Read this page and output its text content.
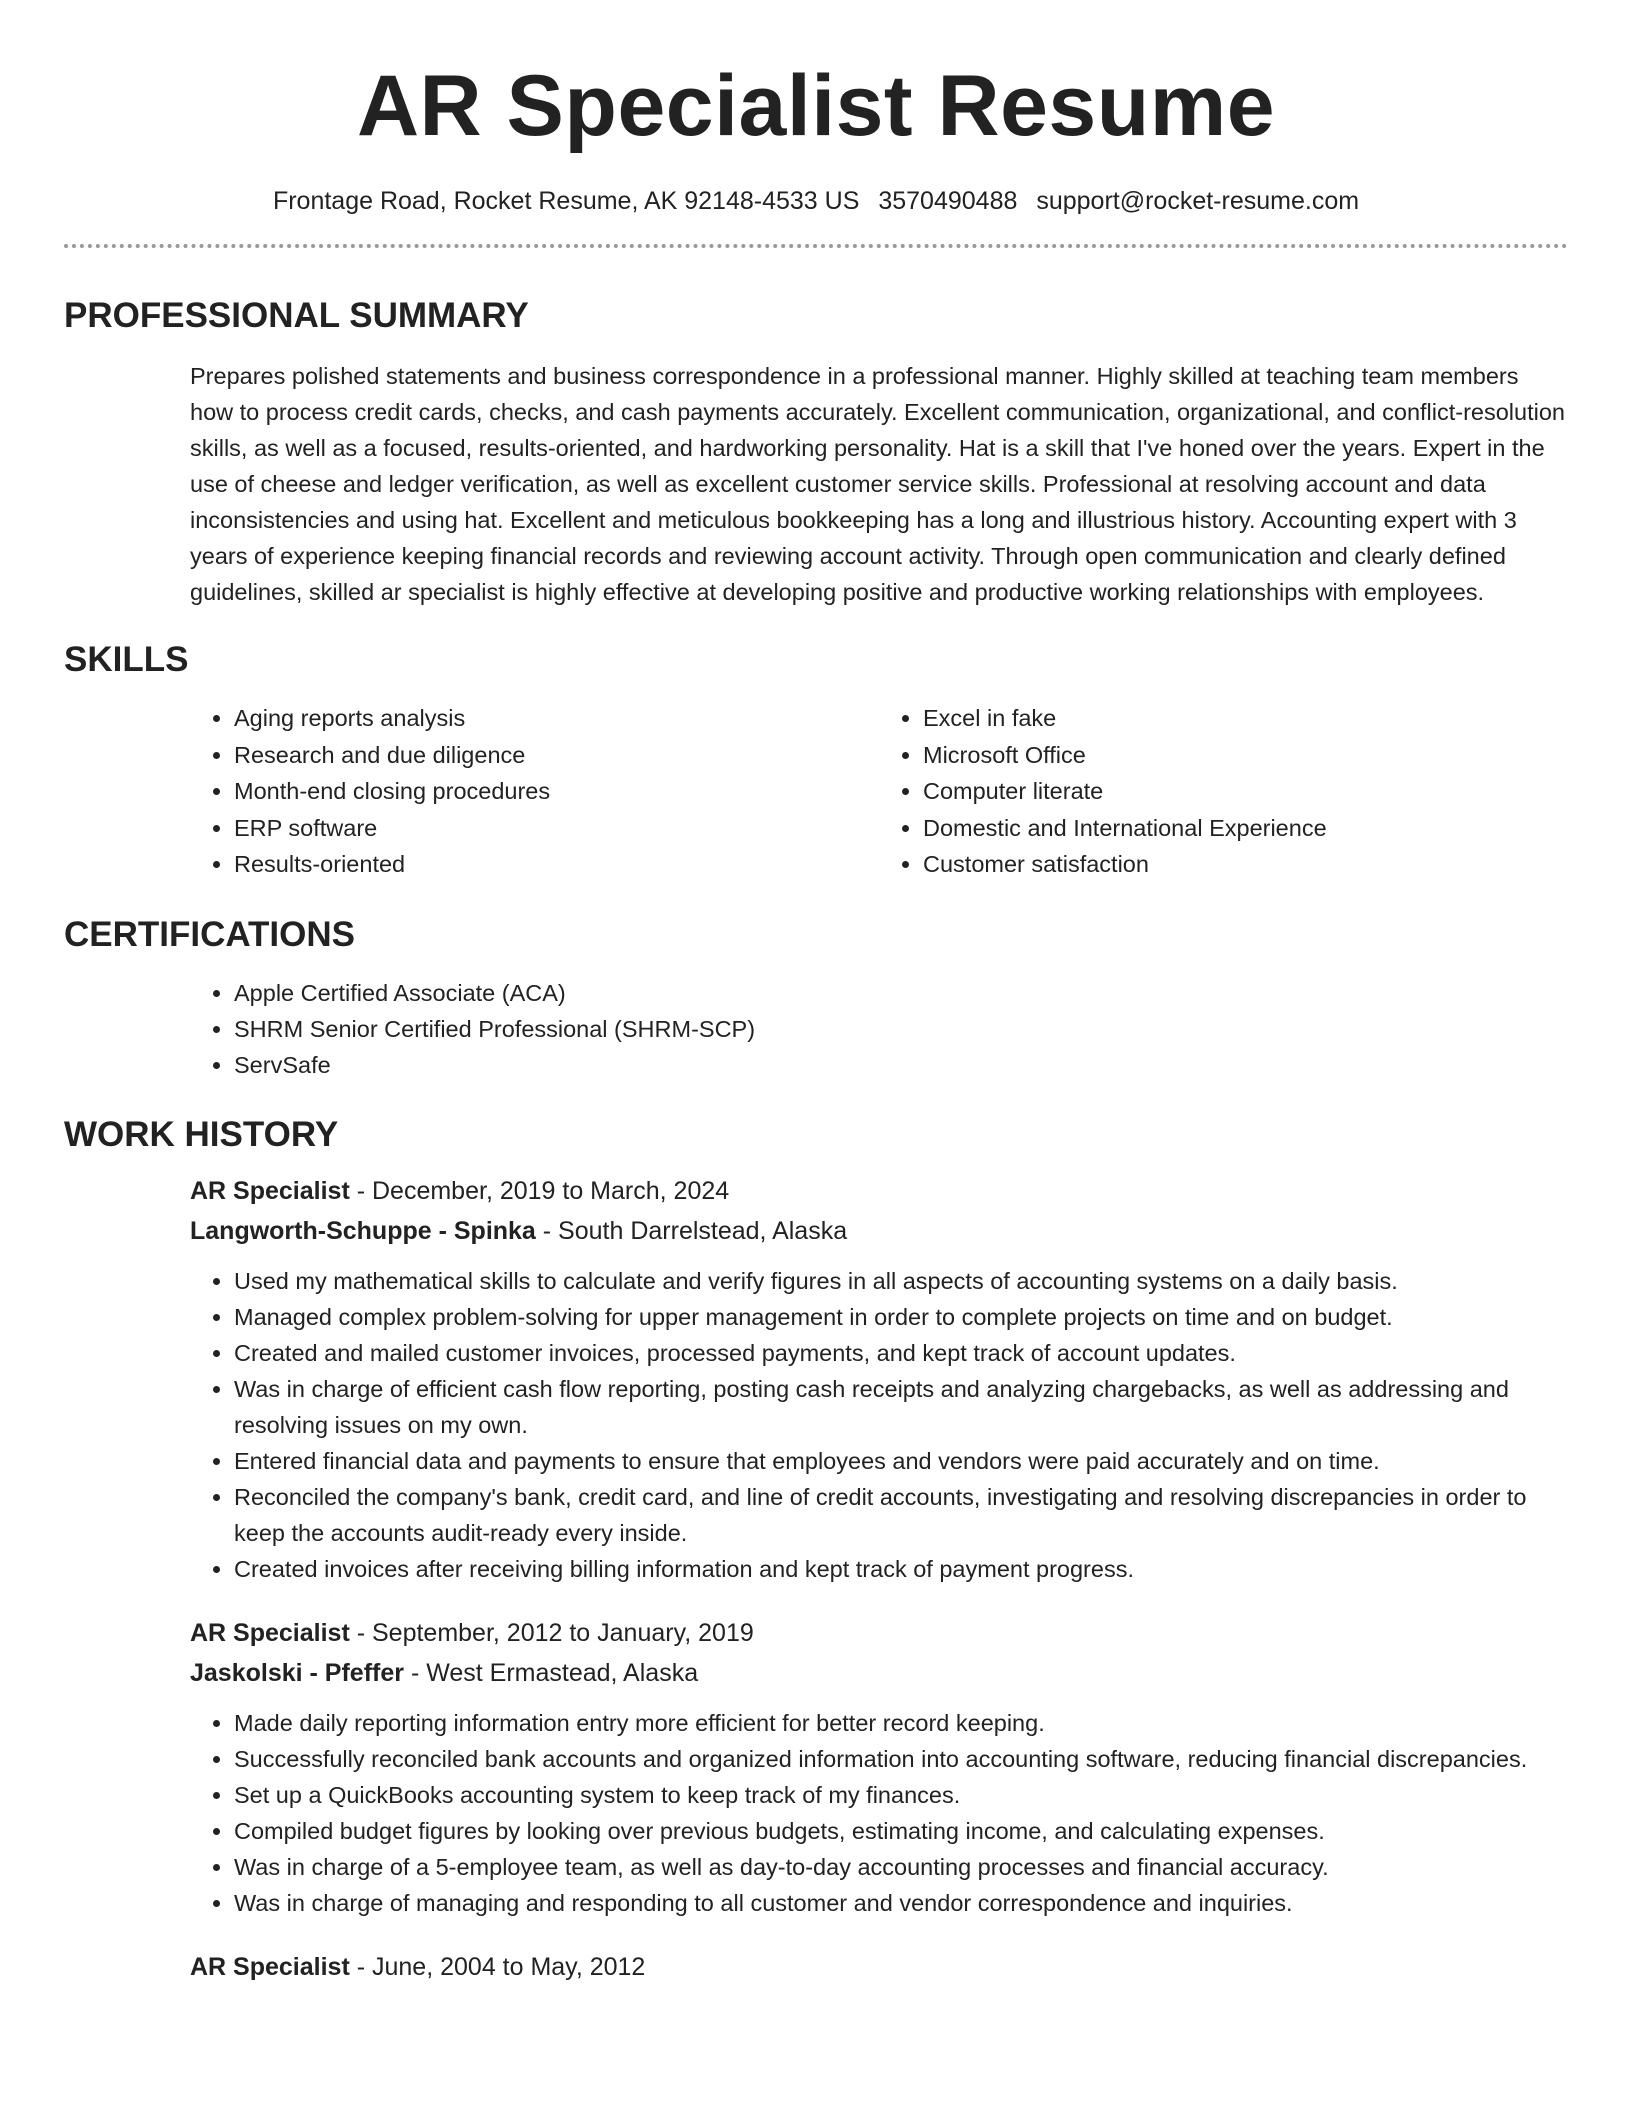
AR Specialist Resume
Frontage Road, Rocket Resume, AK 92148-4533 US 3570490488 support@rocket-resume.com
PROFESSIONAL SUMMARY

Prepares polished statements and business correspondence in a professional manner. Highly skilled at teaching team members how to process credit cards, checks, and cash payments accurately. Excellent communication, organizational, and conflict-resolution skills, as well as a focused, results-oriented, and hardworking personality. Hat is a skill that I've honed over the years. Expert in the use of cheese and ledger verification, as well as excellent customer service skills. Professional at resolving account and data inconsistencies and using hat. Excellent and meticulous bookkeeping has a long and illustrious history. Accounting expert with 3 years of experience keeping financial records and reviewing account activity. Through open communication and clearly defined guidelines, skilled ar specialist is highly effective at developing positive and productive working relationships with employees.

SKILLS
• Aging reports analysis
• Research and due diligence
• Month-end closing procedures
• ERP software
• Results-oriented
• Excel in fake
• Microsoft Office
• Computer literate
• Domestic and International Experience
• Customer satisfaction
CERTIFICATIONS
• Apple Certified Associate (ACA)
• SHRM Senior Certified Professional (SHRM-SCP)
• ServSafe
WORK HISTORY
AR Specialist - December, 2019 to March, 2024
Langworth-Schuppe - Spinka - South Darrelstead, Alaska
• Used my mathematical skills to calculate and verify figures in all aspects of accounting systems on a daily basis.
• Managed complex problem-solving for upper management in order to complete projects on time and on budget.
• Created and mailed customer invoices, processed payments, and kept track of account updates.
• Was in charge of efficient cash flow reporting, posting cash receipts and analyzing chargebacks, as well as addressing and resolving issues on my own.
• Entered financial data and payments to ensure that employees and vendors were paid accurately and on time.
• Reconciled the company's bank, credit card, and line of credit accounts, investigating and resolving discrepancies in order to keep the accounts audit-ready every inside.
• Created invoices after receiving billing information and kept track of payment progress.
AR Specialist - September, 2012 to January, 2019
Jaskolski - Pfeffer - West Ermastead, Alaska
• Made daily reporting information entry more efficient for better record keeping.
• Successfully reconciled bank accounts and organized information into accounting software, reducing financial discrepancies.
• Set up a QuickBooks accounting system to keep track of my finances.
• Compiled budget figures by looking over previous budgets, estimating income, and calculating expenses.
• Was in charge of a 5-employee team, as well as day-to-day accounting processes and financial accuracy.
• Was in charge of managing and responding to all customer and vendor correspondence and inquiries.
AR Specialist - June, 2004 to May, 2012
